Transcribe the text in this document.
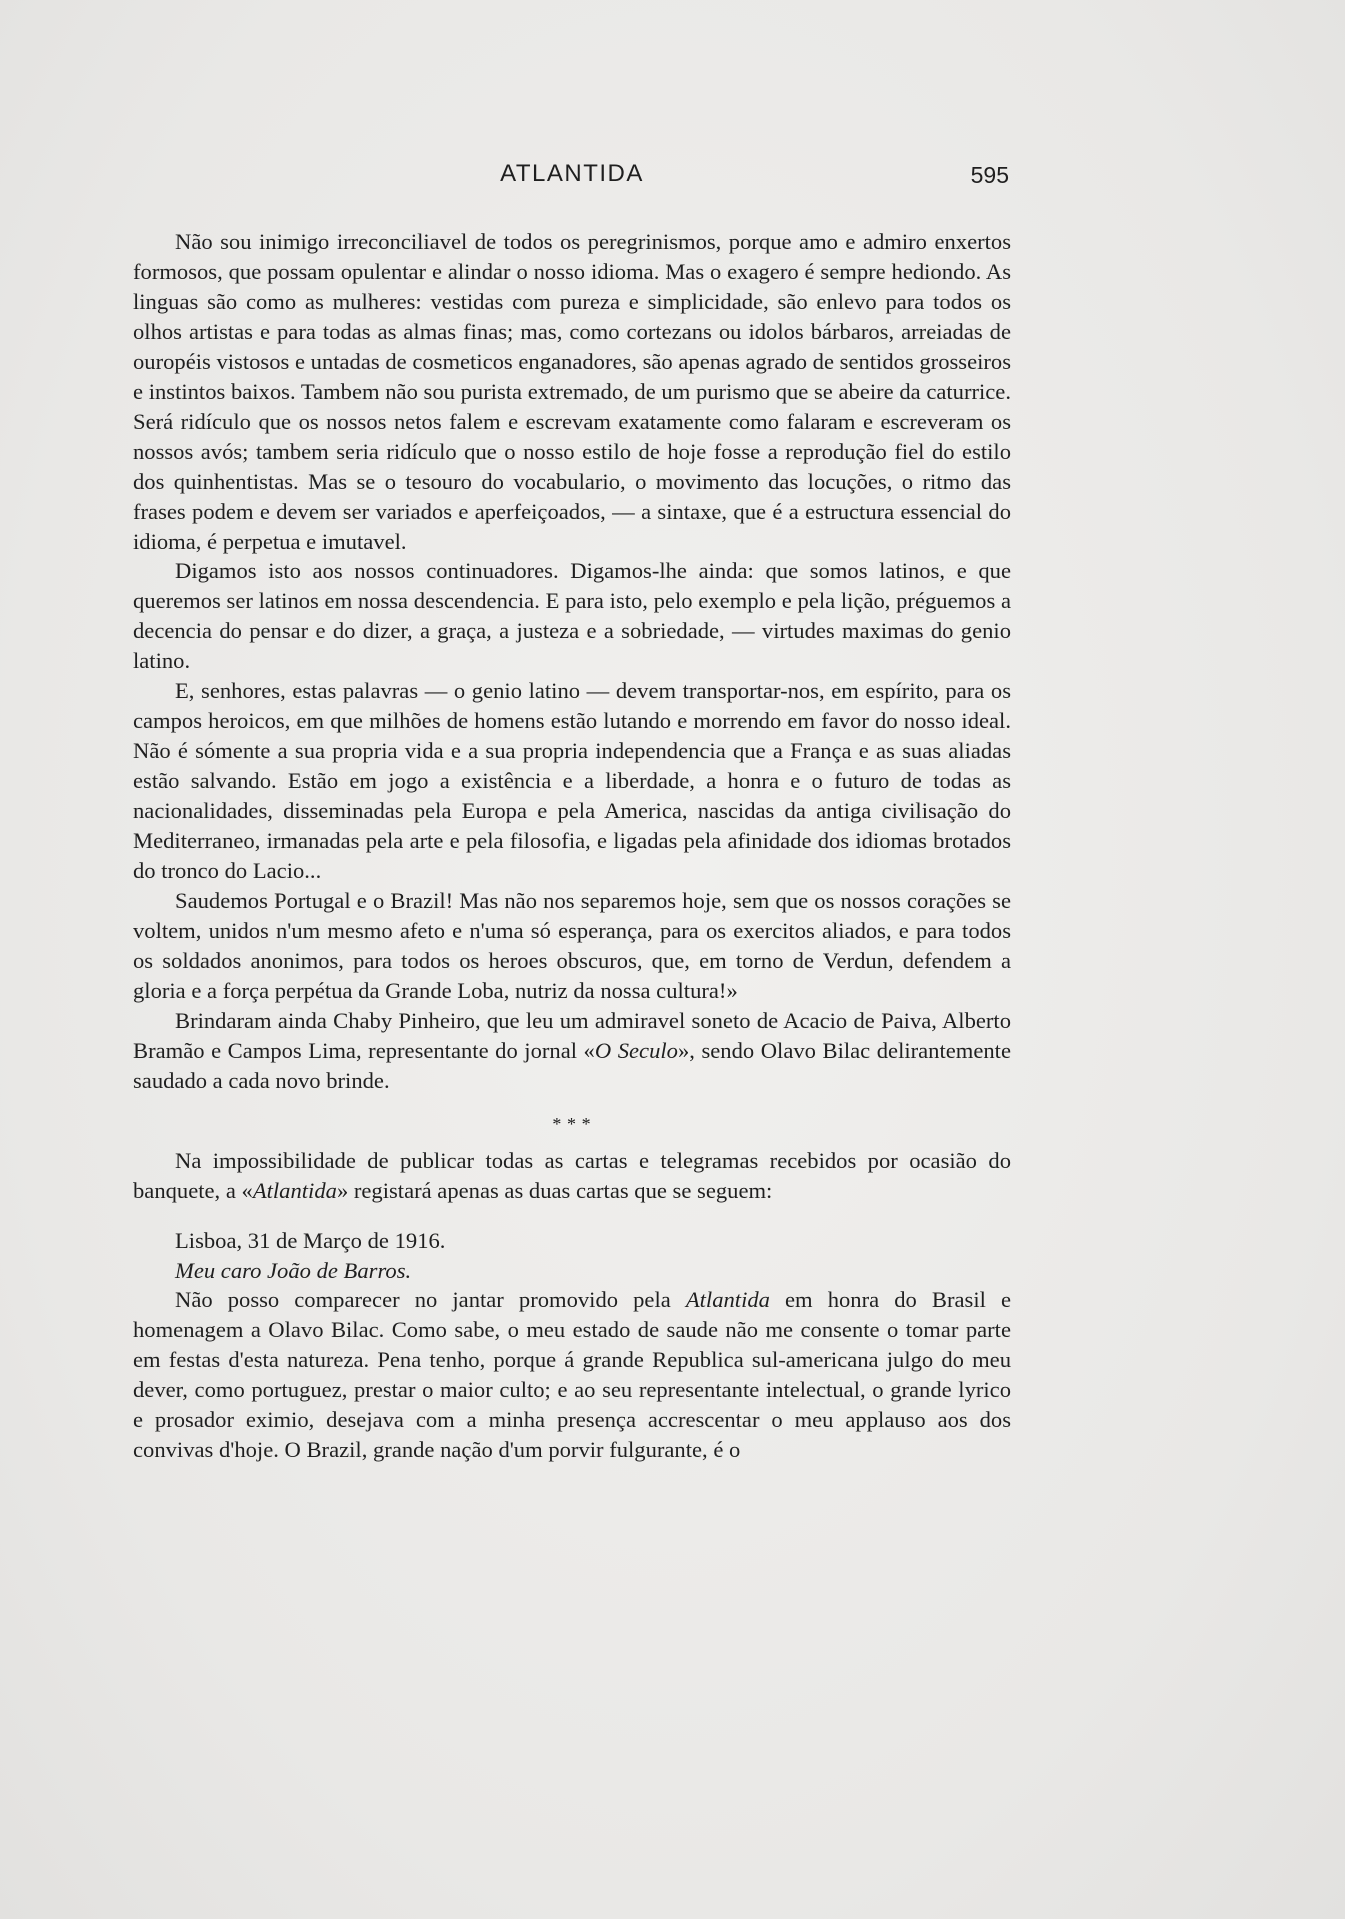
ATLANTIDA	595

Não sou inimigo irreconciliavel de todos os peregrinismos, porque amo e admiro enxertos formosos, que possam opulentar e alindar o nosso idioma. Mas o exagero é sempre hediondo. As linguas são como as mulheres: vestidas com pureza e simplicidade, são enlevo para todos os olhos artistas e para todas as almas finas; mas, como cortezans ou idolos bárbaros, arreiadas de ouropéis vistosos e untadas de cosmeticos enganadores, são apenas agrado de sentidos grosseiros e instintos baixos. Tambem não sou purista extremado, de um purismo que se abeire da caturrice. Será ridículo que os nossos netos falem e escrevam exatamente como falaram e escreveram os nossos avós; tambem seria ridículo que o nosso estilo de hoje fosse a reprodução fiel do estilo dos quinhentistas. Mas se o tesouro do vocabulario, o movimento das locuções, o ritmo das frases podem e devem ser variados e aperfeiçoados, — a sintaxe, que é a estructura essencial do idioma, é perpetua e imutavel.

Digamos isto aos nossos continuadores. Digamos-lhe ainda: que somos latinos, e que queremos ser latinos em nossa descendencia. E para isto, pelo exemplo e pela lição, préguemos a decencia do pensar e do dizer, a graça, a justeza e a sobriedade, — virtudes maximas do genio latino.

E, senhores, estas palavras — o genio latino — devem transportar-nos, em espírito, para os campos heroicos, em que milhões de homens estão lutando e morrendo em favor do nosso ideal. Não é sómente a sua propria vida e a sua propria independencia que a França e as suas aliadas estão salvando. Estão em jogo a existência e a liberdade, a honra e o futuro de todas as nacionalidades, disseminadas pela Europa e pela America, nascidas da antiga civilisação do Mediterraneo, irmanadas pela arte e pela filosofia, e ligadas pela afinidade dos idiomas brotados do tronco do Lacio...

Saudemos Portugal e o Brazil! Mas não nos separemos hoje, sem que os nossos corações se voltem, unidos n'um mesmo afeto e n'uma só esperança, para os exercitos aliados, e para todos os soldados anonimos, para todos os heroes obscuros, que, em torno de Verdun, defendem a gloria e a força perpétua da Grande Loba, nutriz da nossa cultura!»

Brindaram ainda Chaby Pinheiro, que leu um admiravel soneto de Acacio de Paiva, Alberto Bramão e Campos Lima, representante do jornal «O Seculo», sendo Olavo Bilac delirantemente saudado a cada novo brinde.

* * *

Na impossibilidade de publicar todas as cartas e telegramas recebidos por ocasião do banquete, a «Atlantida» registará apenas as duas cartas que se seguem:

Lisboa, 31 de Março de 1916.

Meu caro João de Barros.

Não posso comparecer no jantar promovido pela Atlantida em honra do Brasil e homenagem a Olavo Bilac. Como sabe, o meu estado de saude não me consente o tomar parte em festas d'esta natureza. Pena tenho, porque á grande Republica sul-americana julgo do meu dever, como portuguez, prestar o maior culto; e ao seu representante intelectual, o grande lyrico e prosador eximio, desejava com a minha presença accrescentar o meu applauso aos dos convivas d'hoje. O Brazil, grande nação d'um porvir fulgurante, é o
